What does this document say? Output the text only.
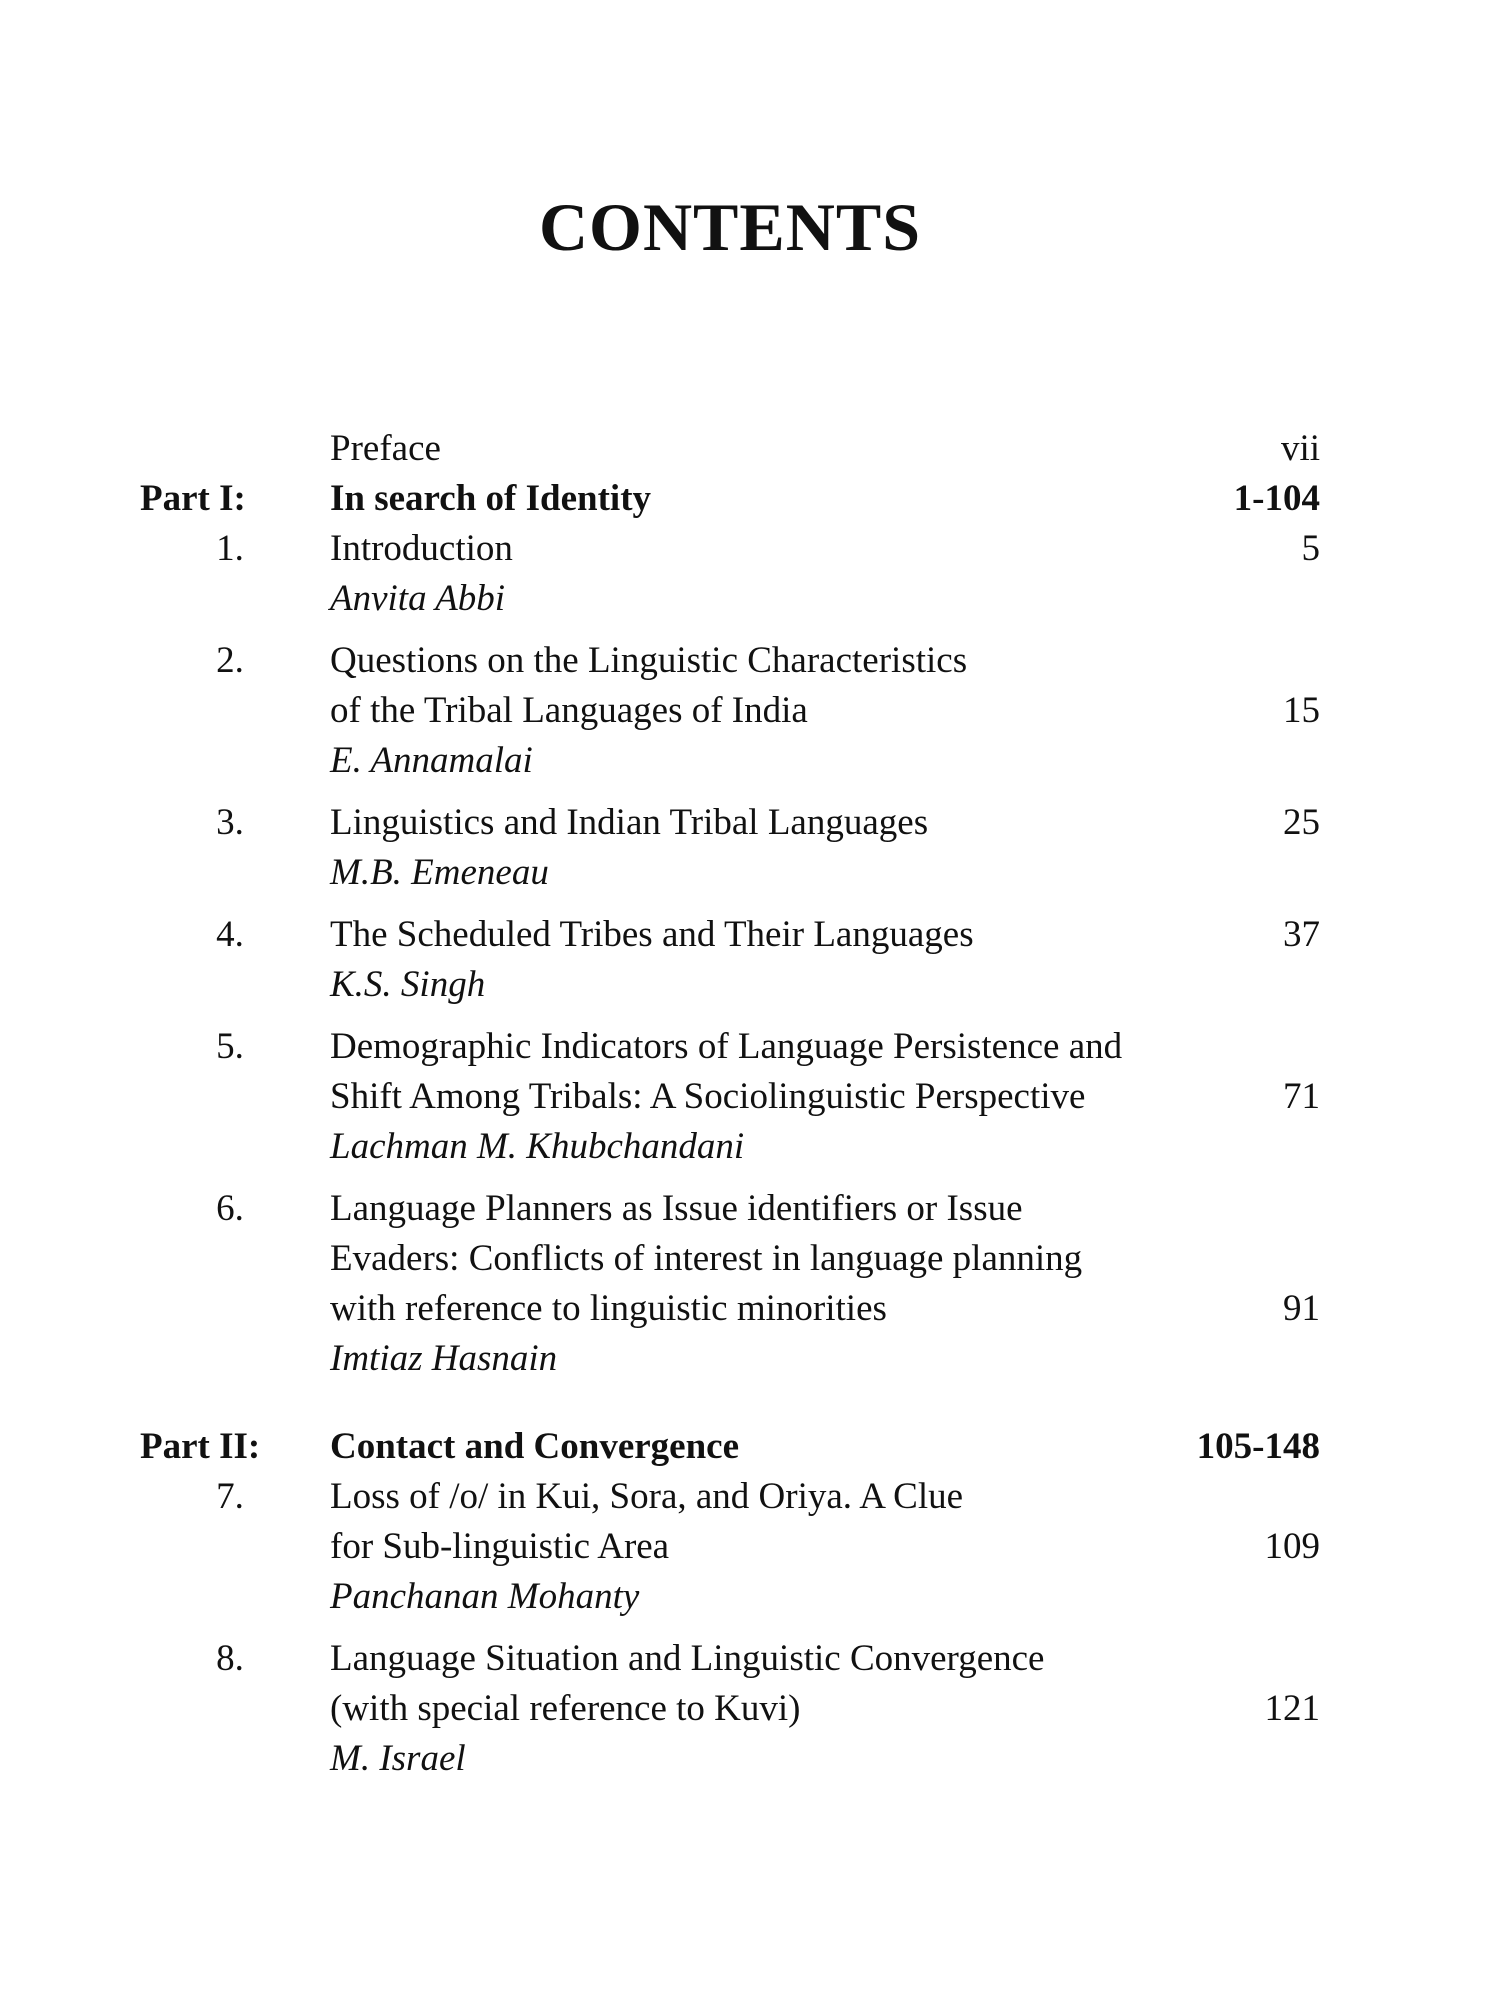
CONTENTS
Preface	vii
Part I:	In search of Identity	1-104
1.	Introduction	5
Anvita Abbi
2.	Questions on the Linguistic Characteristics
of the Tribal Languages of India	15
E. Annamalai
3.	Linguistics and Indian Tribal Languages	25
M.B. Emeneau
4.	The Scheduled Tribes and Their Languages	37
K.S. Singh
5.	Demographic Indicators of Language Persistence and
Shift Among Tribals: A Sociolinguistic Perspective	71
Lachman M. Khubchandani
6.	Language Planners as Issue identifiers or Issue
Evaders: Conflicts of interest in language planning
with reference to linguistic minorities	91
Imtiaz Hasnain
Part II:	Contact and Convergence	105-148
7.	Loss of /o/ in Kui, Sora, and Oriya. A Clue
for Sub-linguistic Area	109
Panchanan Mohanty
8.	Language Situation and Linguistic Convergence
(with special reference to Kuvi)	121
M. Israel
